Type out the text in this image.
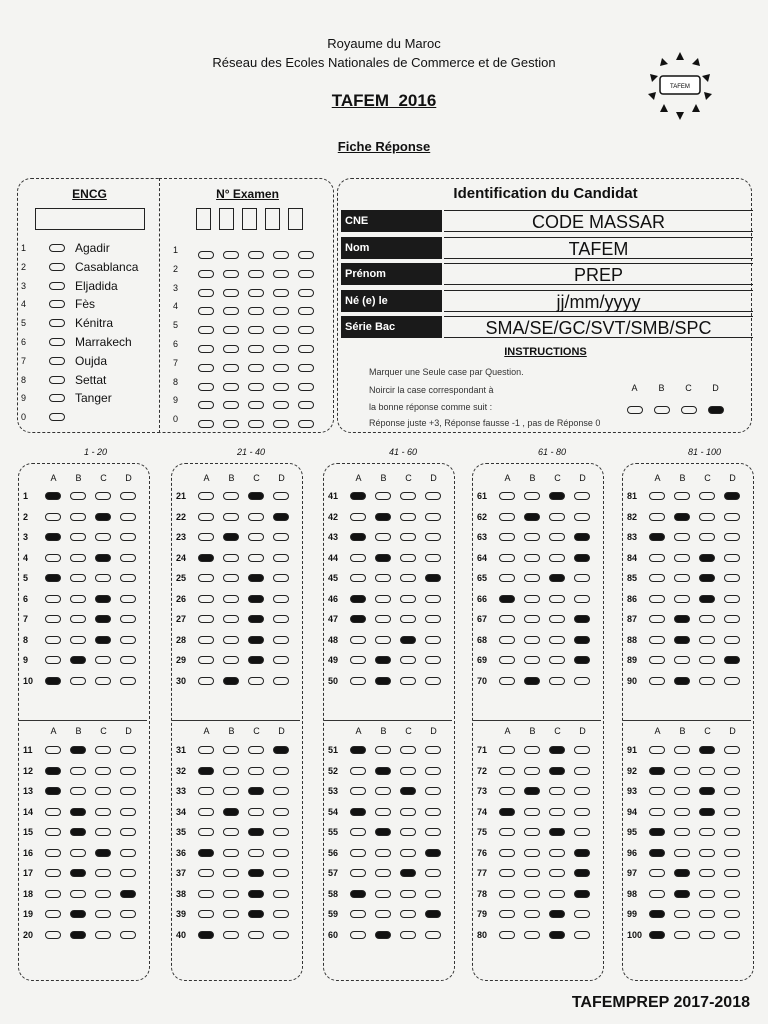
Royaume du Maroc
Réseau des Ecoles Nationales de Commerce et de Gestion
TAFEM  2016
Fiche Réponse
TAFEM
ENCG
1	Agadir
2	Casablanca
3	Eljadida
4	Fès
5	Kénitra
6	Marrakech
7	Oujda
8	Settat
9	Tanger
0
N° Examen
1
2
3
4
5
6
7
8
9
0
Identification du Candidat
CNE	CODE MASSAR
Nom	TAFEM
Prénom	PREP
Né (e) le	jj/mm/yyyy
Série Bac	SMA/SE/GC/SVT/SMB/SPC
INSTRUCTIONS
Marquer une Seule case par Question.
Noircir la case correspondant à
la bonne réponse comme suit :
Réponse juste +3, Réponse fausse -1 , pas de Réponse 0
A B C D
1 - 20
A B C D
A B C D
1
2
3
4
5
6
7
8
9
10
11
12
13
14
15
16
17
18
19
20
21 - 40
A B C D
A B C D
21
22
23
24
25
26
27
28
29
30
31
32
33
34
35
36
37
38
39
40
41 - 60
A B C D
A B C D
41
42
43
44
45
46
47
48
49
50
51
52
53
54
55
56
57
58
59
60
61 - 80
A B C D
A B C D
61
62
63
64
65
66
67
68
69
70
71
72
73
74
75
76
77
78
79
80
81 - 100
A B C D
A B C D
81
82
83
84
85
86
87
88
89
90
91
92
93
94
95
96
97
98
99
100
TAFEMPREP 2017-2018
